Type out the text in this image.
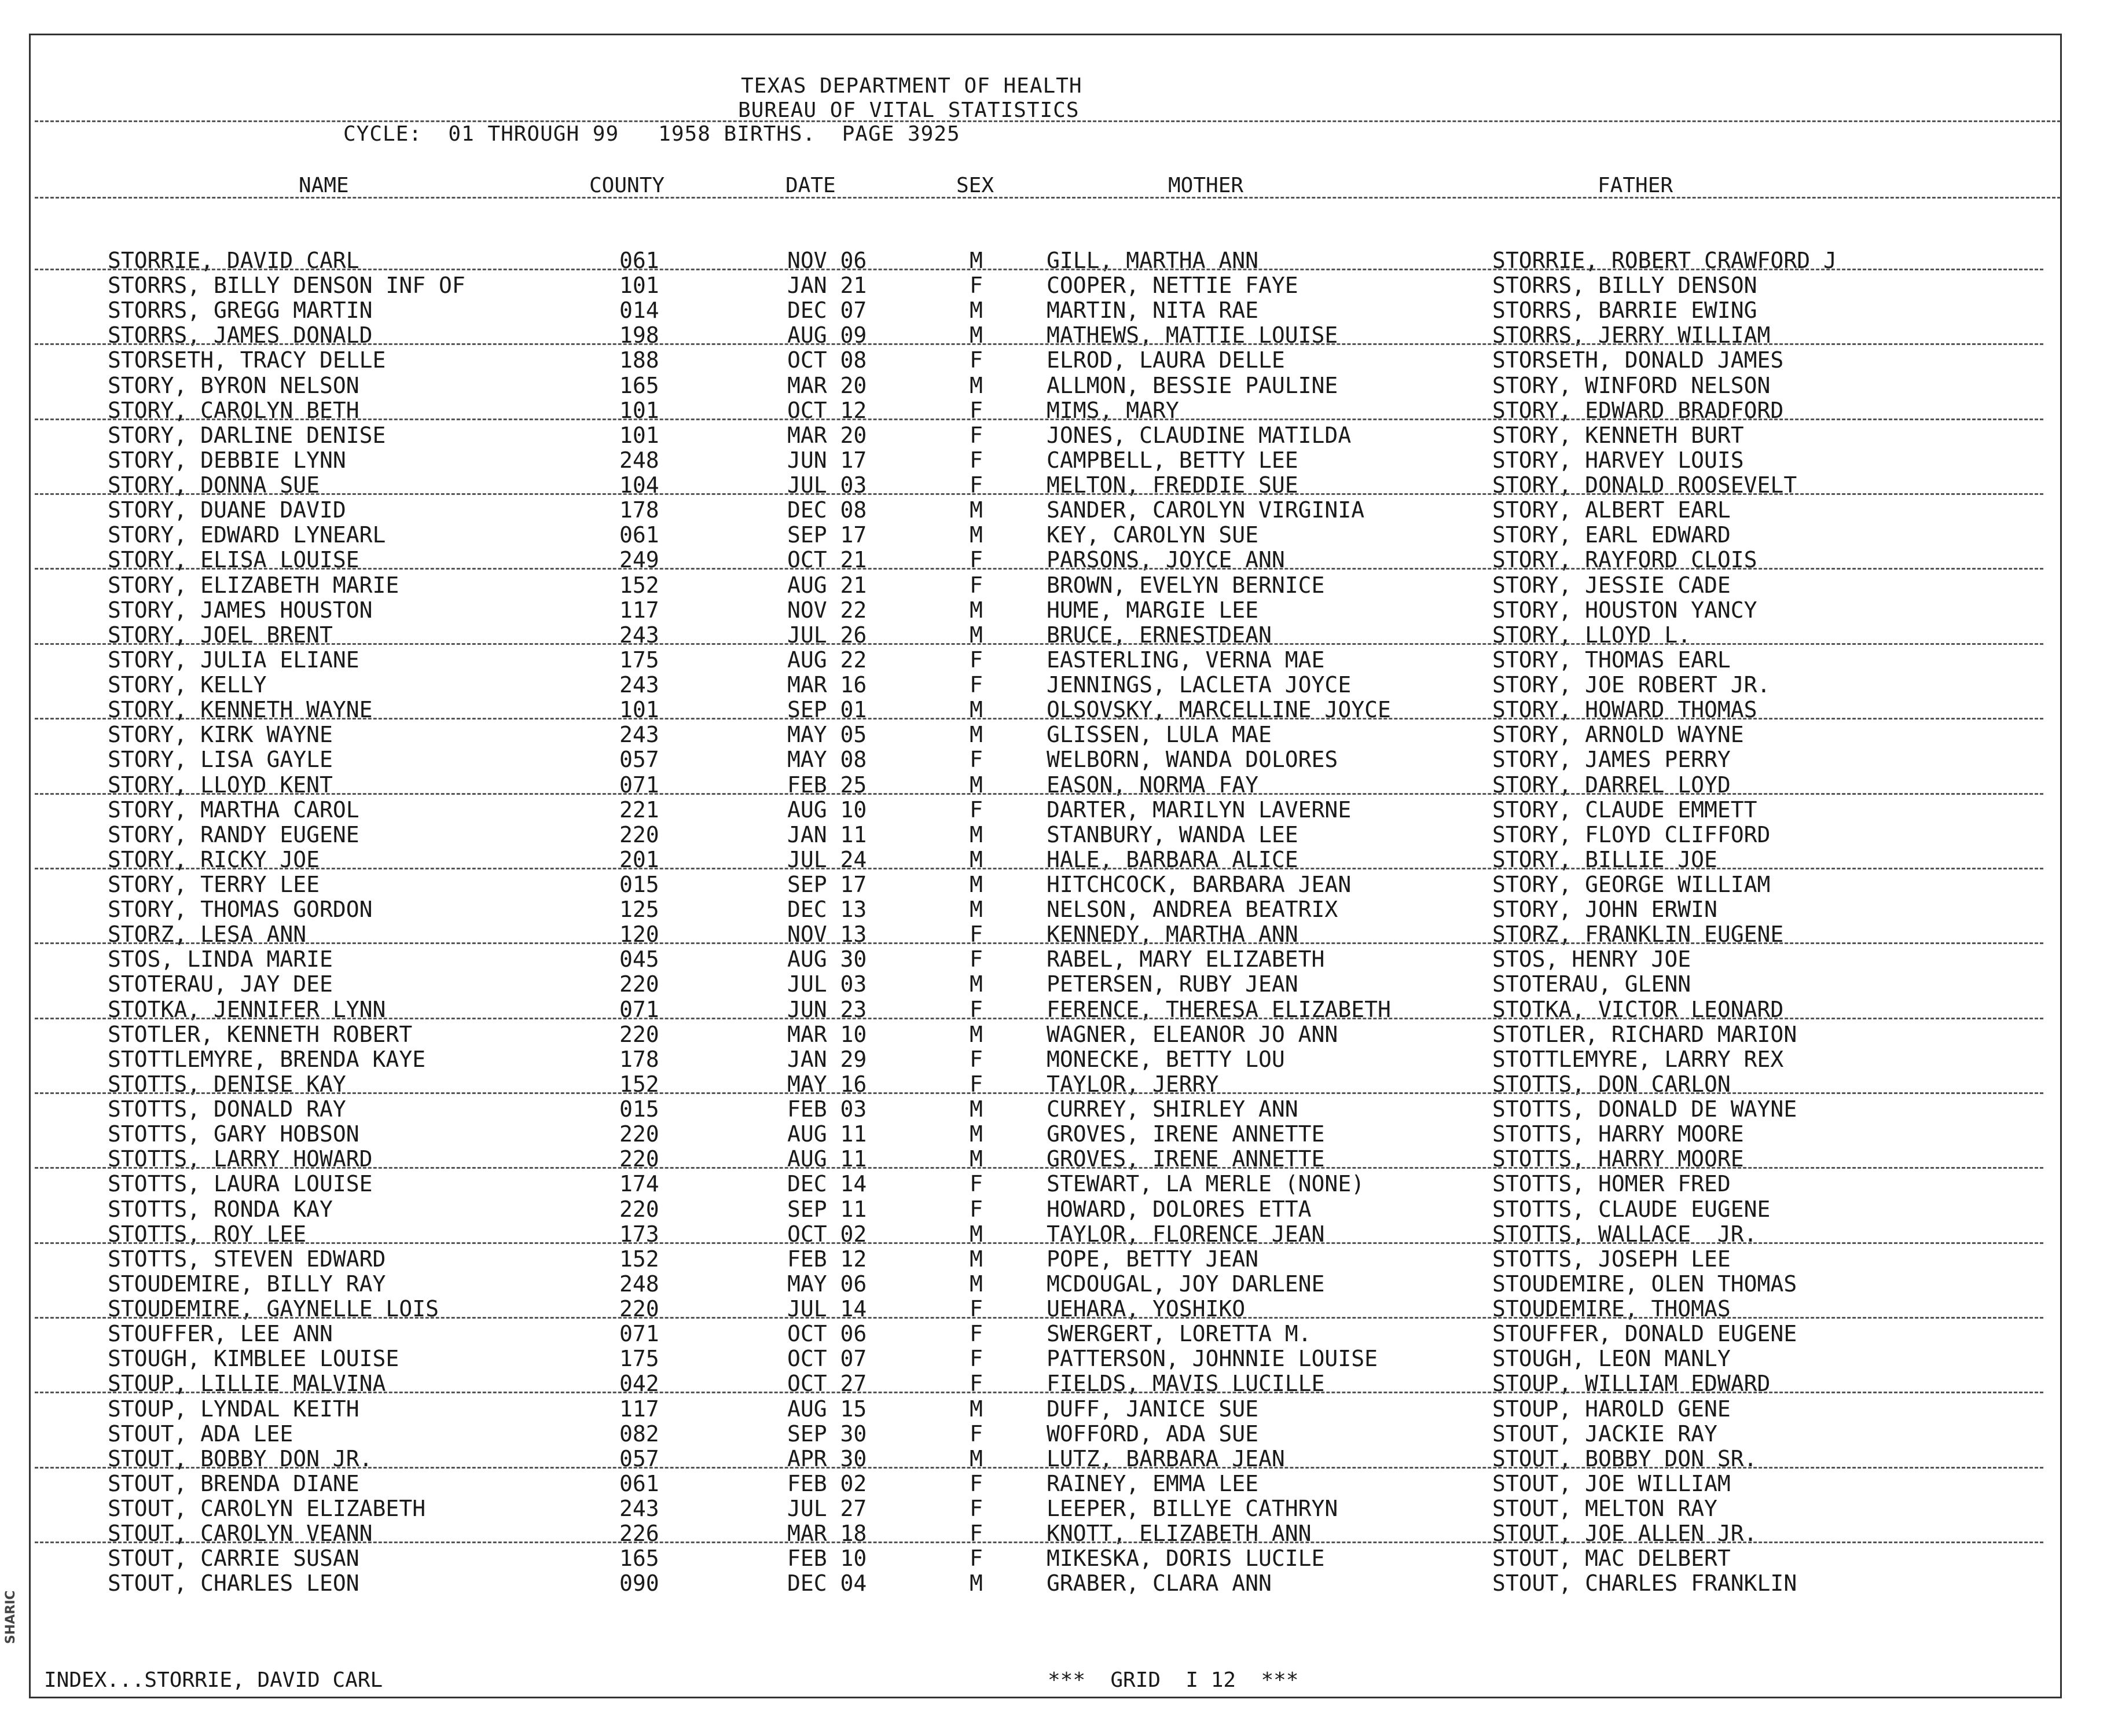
SHARIC
TEXAS DEPARTMENT OF HEALTH
BUREAU OF VITAL STATISTICS
CYCLE:  01 THROUGH 99   1958 BIRTHS.  PAGE 3925
NAME	COUNTY	DATE	SEX	MOTHER	FATHER
STORRIE, DAVID CARL	061	NOV 06	M	GILL, MARTHA ANN	STORRIE, ROBERT CRAWFORD J
STORRS, BILLY DENSON INF OF	101	JAN 21	F	COOPER, NETTIE FAYE	STORRS, BILLY DENSON
STORRS, GREGG MARTIN	014	DEC 07	M	MARTIN, NITA RAE	STORRS, BARRIE EWING
STORRS, JAMES DONALD	198	AUG 09	M	MATHEWS, MATTIE LOUISE	STORRS, JERRY WILLIAM
STORSETH, TRACY DELLE	188	OCT 08	F	ELROD, LAURA DELLE	STORSETH, DONALD JAMES
STORY, BYRON NELSON	165	MAR 20	M	ALLMON, BESSIE PAULINE	STORY, WINFORD NELSON
STORY, CAROLYN BETH	101	OCT 12	F	MIMS, MARY	STORY, EDWARD BRADFORD
STORY, DARLINE DENISE	101	MAR 20	F	JONES, CLAUDINE MATILDA	STORY, KENNETH BURT
STORY, DEBBIE LYNN	248	JUN 17	F	CAMPBELL, BETTY LEE	STORY, HARVEY LOUIS
STORY, DONNA SUE	104	JUL 03	F	MELTON, FREDDIE SUE	STORY, DONALD ROOSEVELT
STORY, DUANE DAVID	178	DEC 08	M	SANDER, CAROLYN VIRGINIA	STORY, ALBERT EARL
STORY, EDWARD LYNEARL	061	SEP 17	M	KEY, CAROLYN SUE	STORY, EARL EDWARD
STORY, ELISA LOUISE	249	OCT 21	F	PARSONS, JOYCE ANN	STORY, RAYFORD CLOIS
STORY, ELIZABETH MARIE	152	AUG 21	F	BROWN, EVELYN BERNICE	STORY, JESSIE CADE
STORY, JAMES HOUSTON	117	NOV 22	M	HUME, MARGIE LEE	STORY, HOUSTON YANCY
STORY, JOEL BRENT	243	JUL 26	M	BRUCE, ERNESTDEAN	STORY, LLOYD L.
STORY, JULIA ELIANE	175	AUG 22	F	EASTERLING, VERNA MAE	STORY, THOMAS EARL
STORY, KELLY	243	MAR 16	F	JENNINGS, LACLETA JOYCE	STORY, JOE ROBERT JR.
STORY, KENNETH WAYNE	101	SEP 01	M	OLSOVSKY, MARCELLINE JOYCE	STORY, HOWARD THOMAS
STORY, KIRK WAYNE	243	MAY 05	M	GLISSEN, LULA MAE	STORY, ARNOLD WAYNE
STORY, LISA GAYLE	057	MAY 08	F	WELBORN, WANDA DOLORES	STORY, JAMES PERRY
STORY, LLOYD KENT	071	FEB 25	M	EASON, NORMA FAY	STORY, DARREL LOYD
STORY, MARTHA CAROL	221	AUG 10	F	DARTER, MARILYN LAVERNE	STORY, CLAUDE EMMETT
STORY, RANDY EUGENE	220	JAN 11	M	STANBURY, WANDA LEE	STORY, FLOYD CLIFFORD
STORY, RICKY JOE	201	JUL 24	M	HALE, BARBARA ALICE	STORY, BILLIE JOE
STORY, TERRY LEE	015	SEP 17	M	HITCHCOCK, BARBARA JEAN	STORY, GEORGE WILLIAM
STORY, THOMAS GORDON	125	DEC 13	M	NELSON, ANDREA BEATRIX	STORY, JOHN ERWIN
STORZ, LESA ANN	120	NOV 13	F	KENNEDY, MARTHA ANN	STORZ, FRANKLIN EUGENE
STOS, LINDA MARIE	045	AUG 30	F	RABEL, MARY ELIZABETH	STOS, HENRY JOE
STOTERAU, JAY DEE	220	JUL 03	M	PETERSEN, RUBY JEAN	STOTERAU, GLENN
STOTKA, JENNIFER LYNN	071	JUN 23	F	FERENCE, THERESA ELIZABETH	STOTKA, VICTOR LEONARD
STOTLER, KENNETH ROBERT	220	MAR 10	M	WAGNER, ELEANOR JO ANN	STOTLER, RICHARD MARION
STOTTLEMYRE, BRENDA KAYE	178	JAN 29	F	MONECKE, BETTY LOU	STOTTLEMYRE, LARRY REX
STOTTS, DENISE KAY	152	MAY 16	F	TAYLOR, JERRY	STOTTS, DON CARLON
STOTTS, DONALD RAY	015	FEB 03	M	CURREY, SHIRLEY ANN	STOTTS, DONALD DE WAYNE
STOTTS, GARY HOBSON	220	AUG 11	M	GROVES, IRENE ANNETTE	STOTTS, HARRY MOORE
STOTTS, LARRY HOWARD	220	AUG 11	M	GROVES, IRENE ANNETTE	STOTTS, HARRY MOORE
STOTTS, LAURA LOUISE	174	DEC 14	F	STEWART, LA MERLE (NONE)	STOTTS, HOMER FRED
STOTTS, RONDA KAY	220	SEP 11	F	HOWARD, DOLORES ETTA	STOTTS, CLAUDE EUGENE
STOTTS, ROY LEE	173	OCT 02	M	TAYLOR, FLORENCE JEAN	STOTTS, WALLACE  JR.
STOTTS, STEVEN EDWARD	152	FEB 12	M	POPE, BETTY JEAN	STOTTS, JOSEPH LEE
STOUDEMIRE, BILLY RAY	248	MAY 06	M	MCDOUGAL, JOY DARLENE	STOUDEMIRE, OLEN THOMAS
STOUDEMIRE, GAYNELLE LOIS	220	JUL 14	F	UEHARA, YOSHIKO	STOUDEMIRE, THOMAS
STOUFFER, LEE ANN	071	OCT 06	F	SWERGERT, LORETTA M.	STOUFFER, DONALD EUGENE
STOUGH, KIMBLEE LOUISE	175	OCT 07	F	PATTERSON, JOHNNIE LOUISE	STOUGH, LEON MANLY
STOUP, LILLIE MALVINA	042	OCT 27	F	FIELDS, MAVIS LUCILLE	STOUP, WILLIAM EDWARD
STOUP, LYNDAL KEITH	117	AUG 15	M	DUFF, JANICE SUE	STOUP, HAROLD GENE
STOUT, ADA LEE	082	SEP 30	F	WOFFORD, ADA SUE	STOUT, JACKIE RAY
STOUT, BOBBY DON JR.	057	APR 30	M	LUTZ, BARBARA JEAN	STOUT, BOBBY DON SR.
STOUT, BRENDA DIANE	061	FEB 02	F	RAINEY, EMMA LEE	STOUT, JOE WILLIAM
STOUT, CAROLYN ELIZABETH	243	JUL 27	F	LEEPER, BILLYE CATHRYN	STOUT, MELTON RAY
STOUT, CAROLYN VEANN	226	MAR 18	F	KNOTT, ELIZABETH ANN	STOUT, JOE ALLEN JR.
STOUT, CARRIE SUSAN	165	FEB 10	F	MIKESKA, DORIS LUCILE	STOUT, MAC DELBERT
STOUT, CHARLES LEON	090	DEC 04	M	GRABER, CLARA ANN	STOUT, CHARLES FRANKLIN
INDEX...STORRIE, DAVID CARL	***  GRID  I 12  ***
